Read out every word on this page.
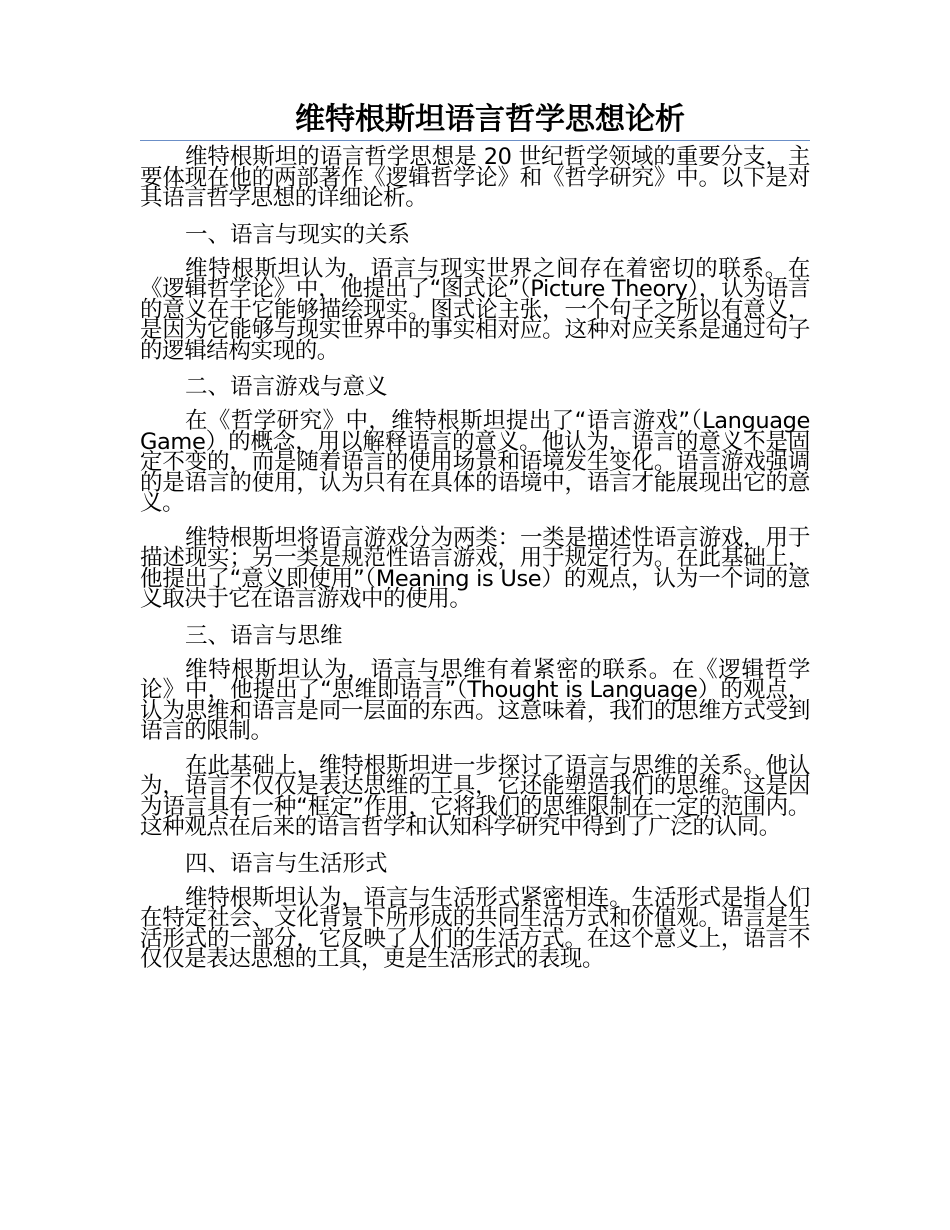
维特根斯坦语言哲学思想论析

维特根斯坦的语言哲学思想是 20 世纪哲学领域的重要分支，主要体现在他的两部著作《逻辑哲学论》和《哲学研究》中。以下是对其语言哲学思想的详细论析。

一、语言与现实的关系

维特根斯坦认为，语言与现实世界之间存在着密切的联系。在《逻辑哲学论》中，他提出了“图式论”（Picture Theory），认为语言的意义在于它能够描绘现实。图式论主张，一个句子之所以有意义，是因为它能够与现实世界中的事实相对应。这种对应关系是通过句子的逻辑结构实现的。

二、语言游戏与意义

在《哲学研究》中，维特根斯坦提出了“语言游戏”（Language Game）的概念，用以解释语言的意义。他认为，语言的意义不是固定不变的，而是随着语言的使用场景和语境发生变化。语言游戏强调的是语言的使用，认为只有在具体的语境中，语言才能展现出它的意义。

维特根斯坦将语言游戏分为两类：一类是描述性语言游戏，用于描述现实；另一类是规范性语言游戏，用于规定行为。在此基础上，他提出了“意义即使用”（Meaning is Use）的观点，认为一个词的意义取决于它在语言游戏中的使用。

三、语言与思维

维特根斯坦认为，语言与思维有着紧密的联系。在《逻辑哲学论》中，他提出了“思维即语言”（Thought is Language）的观点，认为思维和语言是同一层面的东西。这意味着，我们的思维方式受到语言的限制。

在此基础上，维特根斯坦进一步探讨了语言与思维的关系。他认为，语言不仅仅是表达思维的工具，它还能塑造我们的思维。这是因为语言具有一种“框定”作用，它将我们的思维限制在一定的范围内。这种观点在后来的语言哲学和认知科学研究中得到了广泛的认同。

四、语言与生活形式

维特根斯坦认为，语言与生活形式紧密相连。生活形式是指人们在特定社会、文化背景下所形成的共同生活方式和价值观。语言是生活形式的一部分，它反映了人们的生活方式。在这个意义上，语言不仅仅是表达思想的工具，更是生活形式的表现。
